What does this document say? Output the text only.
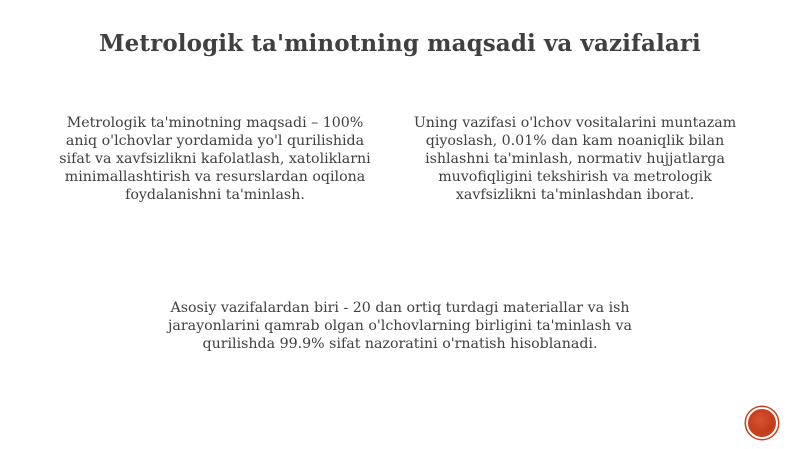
Metrologik ta'minotning maqsadi va vazifalari
Metrologik ta'minotning maqsadi – 100%
aniq o'lchovlar yordamida yo'l qurilishida
sifat va xavfsizlikni kafolatlash, xatoliklarni
minimallashtirish va resurslardan oqilona
foydalanishni ta'minlash.
Uning vazifasi o'lchov vositalarini muntazam
qiyoslash, 0.01% dan kam noaniqlik bilan
ishlashni ta'minlash, normativ hujjatlarga
muvofiqligini tekshirish va metrologik
xavfsizlikni ta'minlashdan iborat.
Asosiy vazifalardan biri - 20 dan ortiq turdagi materiallar va ish
jarayonlarini qamrab olgan o'lchovlarning birligini ta'minlash va
qurilishda 99.9% sifat nazoratini o'rnatish hisoblanadi.
